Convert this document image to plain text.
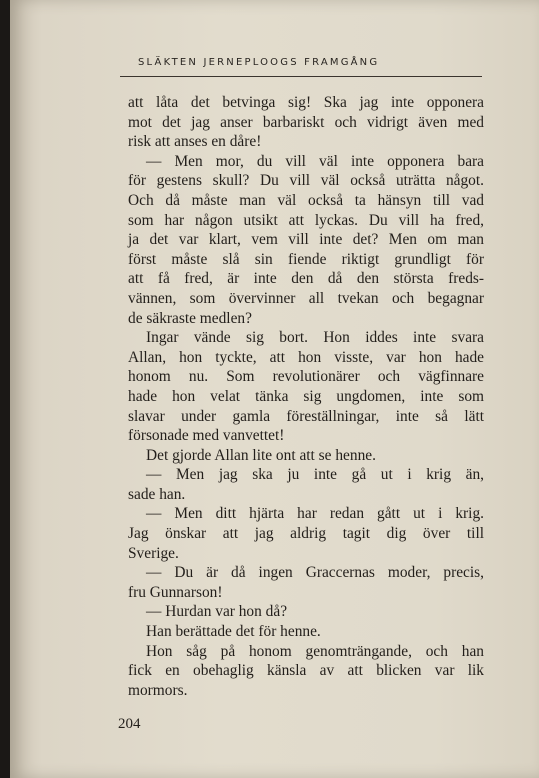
SLÄKTEN JERNEPLOOGS FRAMGÅNG
att låta det betvinga sig! Ska jag inte opponera
mot det jag anser barbariskt och vidrigt även med
risk att anses en dåre!
— Men mor, du vill väl inte opponera bara
för gestens skull? Du vill väl också uträtta något.
Och då måste man väl också ta hänsyn till vad
som har någon utsikt att lyckas. Du vill ha fred,
ja det var klart, vem vill inte det? Men om man
först måste slå sin fiende riktigt grundligt för
att få fred, är inte den då den största freds-
vännen, som övervinner all tvekan och begagnar
de säkraste medlen?
Ingar vände sig bort. Hon iddes inte svara
Allan, hon tyckte, att hon visste, var hon hade
honom nu. Som revolutionärer och vägfinnare
hade hon velat tänka sig ungdomen, inte som
slavar under gamla föreställningar, inte så lätt
försonade med vanvettet!
Det gjorde Allan lite ont att se henne.
— Men jag ska ju inte gå ut i krig än,
sade han.
— Men ditt hjärta har redan gått ut i krig.
Jag önskar att jag aldrig tagit dig över till
Sverige.
— Du är då ingen Graccernas moder, precis,
fru Gunnarson!
— Hurdan var hon då?
Han berättade det för henne.
Hon såg på honom genomträngande, och han
fick en obehaglig känsla av att blicken var lik
mormors.
204
